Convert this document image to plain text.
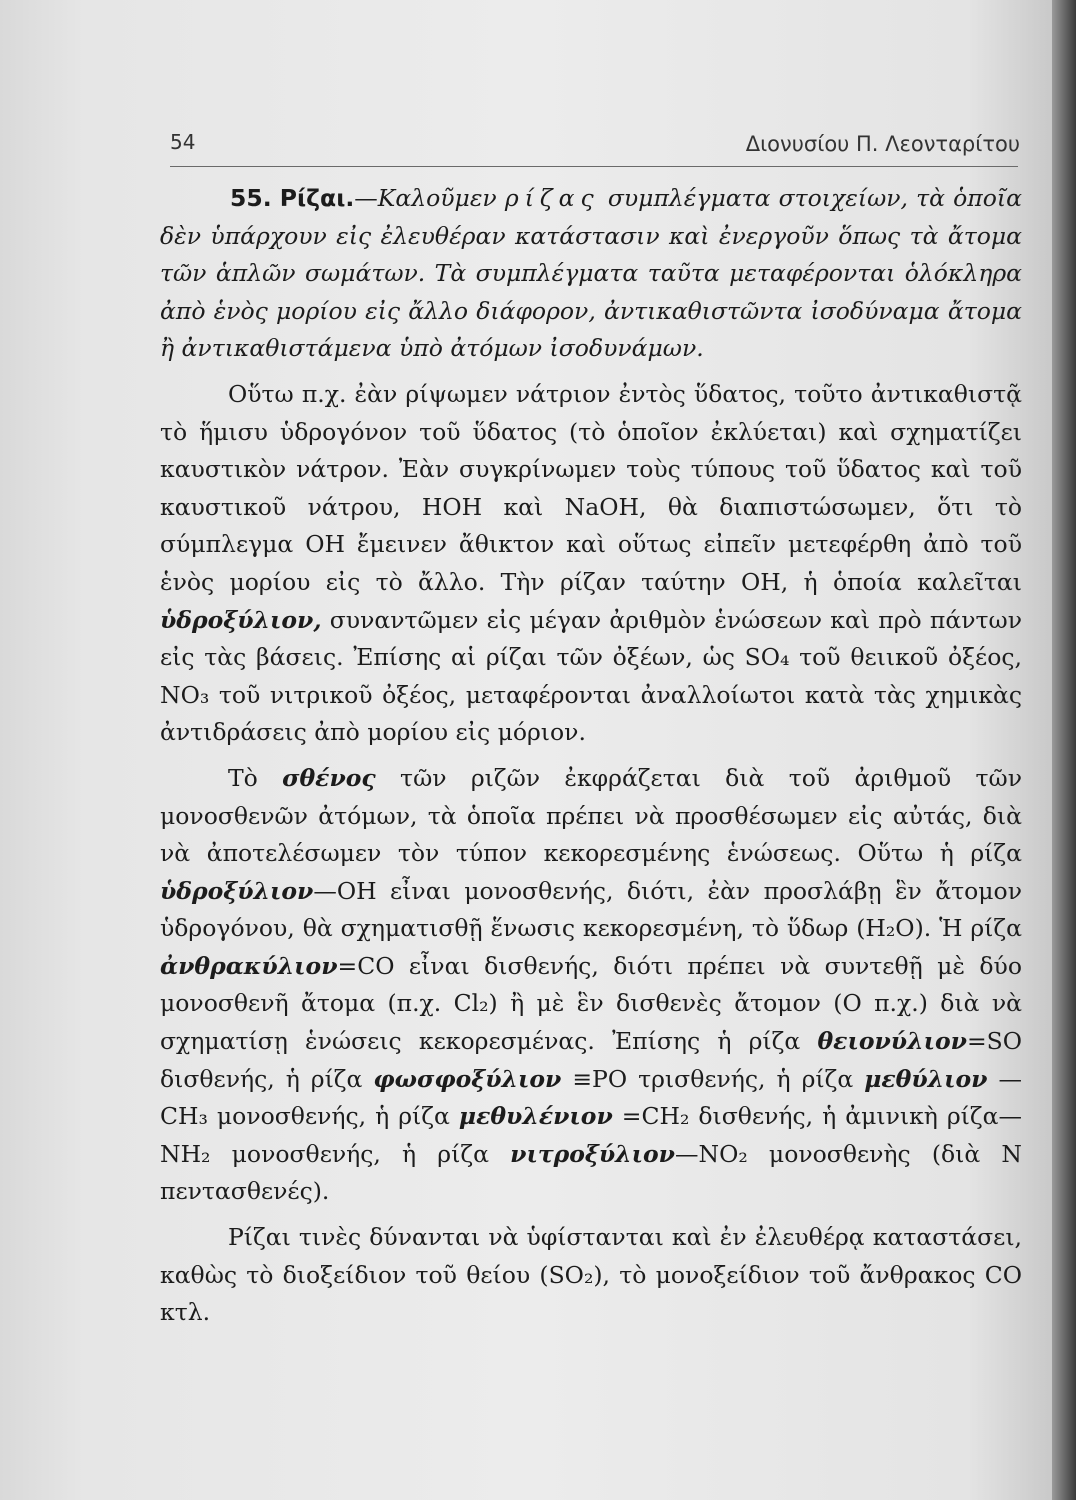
54	Διονυσίου Π. Λεονταρίτου

55. Ρίζαι.—Καλοῦμεν ρίζας συμπλέγματα στοιχείων, τὰ ὁποῖα δὲν ὑπάρχουν εἰς ἐλευθέραν κατάστασιν καὶ ἐνεργοῦν ὅπως τὰ ἄτομα τῶν ἁπλῶν σωμάτων. Τὰ συμπλέγματα ταῦτα μεταφέρονται ὁλόκληρα ἀπὸ ἑνὸς μορίου εἰς ἄλλο διάφορον, ἀντικαθιστῶντα ἰσοδύναμα ἄτομα ἢ ἀντικαθιστάμενα ὑπὸ ἀτόμων ἰσοδυνάμων.

Οὕτω π.χ. ἐὰν ρίψωμεν νάτριον ἐντὸς ὕδατος, τοῦτο ἀντικαθιστᾷ τὸ ἥμισυ ὑδρογόνον τοῦ ὕδατος (τὸ ὁποῖον ἐκλύεται) καὶ σχηματίζει καυστικὸν νάτρον. Ἐὰν συγκρίνωμεν τοὺς τύπους τοῦ ὕδατος καὶ τοῦ καυστικοῦ νάτρου, HOH καὶ NaOH, θὰ διαπιστώσωμεν, ὅτι τὸ σύμπλεγμα OH ἔμεινεν ἄθικτον καὶ οὕτως εἰπεῖν μετεφέρθη ἀπὸ τοῦ ἑνὸς μορίου εἰς τὸ ἄλλο. Τὴν ρίζαν ταύτην OH, ἡ ὁποία καλεῖται ὑδροξύλιον, συναντῶμεν εἰς μέγαν ἀριθμὸν ἑνώσεων καὶ πρὸ πάντων εἰς τὰς βάσεις. Ἐπίσης αἱ ρίζαι τῶν ὀξέων, ὡς SO₄ τοῦ θειικοῦ ὀξέος, NO₃ τοῦ νιτρικοῦ ὀξέος, μεταφέρονται ἀναλλοίωτοι κατὰ τὰς χημικὰς ἀντιδράσεις ἀπὸ μορίου εἰς μόριον.

Τὸ σθένος τῶν ριζῶν ἐκφράζεται διὰ τοῦ ἀριθμοῦ τῶν μονοσθενῶν ἀτόμων, τὰ ὁποῖα πρέπει νὰ προσθέσωμεν εἰς αὐτάς, διὰ νὰ ἀποτελέσωμεν τὸν τύπον κεκορεσμένης ἑνώσεως. Οὕτω ἡ ρίζα ὑδροξύλιον—OH εἶναι μονοσθενής, διότι, ἐὰν προσλάβῃ ἓν ἄτομον ὑδρογόνου, θὰ σχηματισθῇ ἕνωσις κεκορεσμένη, τὸ ὕδωρ (H₂O). Ἡ ρίζα ἀνθρακύλιον=CO εἶναι δισθενής, διότι πρέπει νὰ συντεθῇ μὲ δύο μονοσθενῆ ἄτομα (π.χ. Cl₂) ἢ μὲ ἓν δισθενὲς ἄτομον (O π.χ.) διὰ νὰ σχηματίσῃ ἑνώσεις κεκορεσμένας. Ἐπίσης ἡ ρίζα θειονύλιον=SO δισθενής, ἡ ρίζα φωσφοξύλιον ≡PO τρισθενής, ἡ ρίζα μεθύλιον —CH₃ μονοσθενής, ἡ ρίζα μεθυλένιον =CH₂ δισθενής, ἡ ἀμινικὴ ρίζα—NH₂ μονοσθενής, ἡ ρίζα νιτροξύλιον—NO₂ μονοσθενὴς (διὰ N πεντασθενές).

Ρίζαι τινὲς δύνανται νὰ ὑφίστανται καὶ ἐν ἐλευθέρᾳ καταστάσει, καθὼς τὸ διοξείδιον τοῦ θείου (SO₂), τὸ μονοξείδιον τοῦ ἄνθρακος CO κτλ.
